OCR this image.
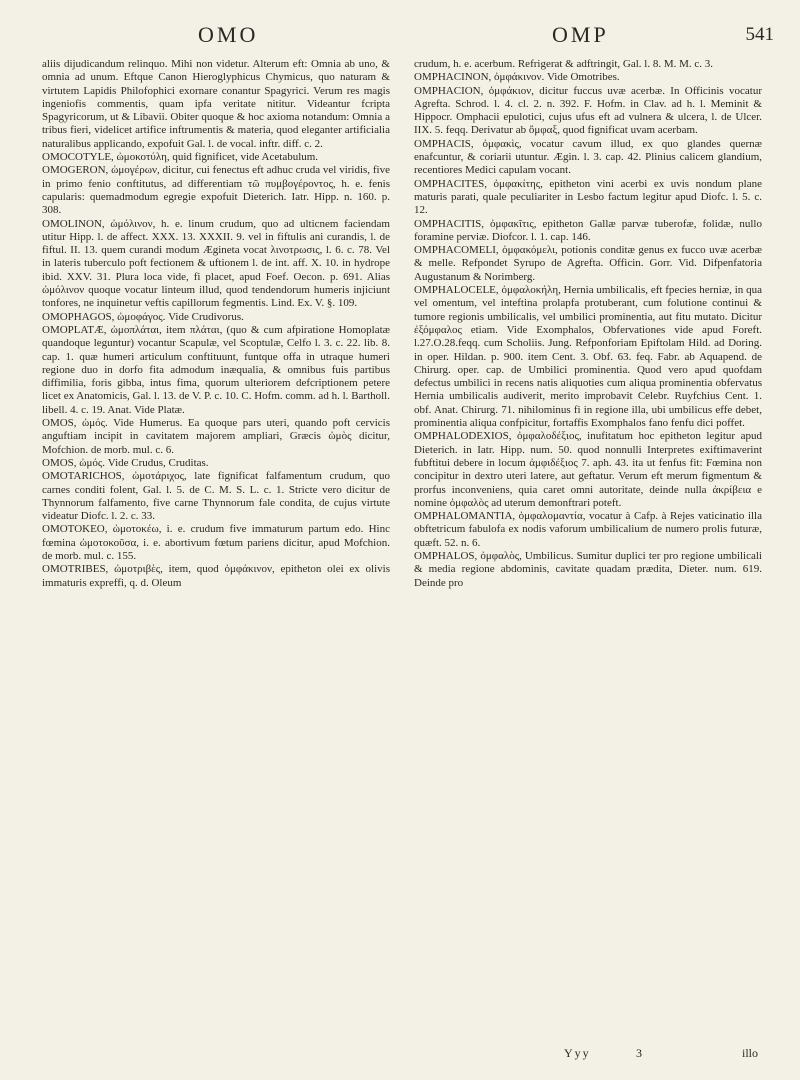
OMO	OMP	541

aliis dijudicandum relinquo. Mihi non videtur. Alterum eft: Omnia ab uno, & omnia ad unum. Eftque Canon Hieroglyphicus Chymicus, quo naturam & virtutem Lapidis Philofophici exornare conantur Spagyrici. Verum res magis ingeniofis commentis, quam ipfa veritate nititur. Videantur fcripta Spagyricorum, ut & Libavii. Obiter quoque & hoc axioma notandum: Omnia a tribus fieri, videlicet artifice inftrumentis & materia, quod eleganter artificialia naturalibus applicando, expofuit Gal. l. de vocal. inftr. diff. c. 2.

OMOCOTYLE, ὠμοκοτύλη, quid fignificet, vide Acetabulum.

OMOGERON, ὠμογέρων, dicitur, cui fenectus eft adhuc cruda vel viridis, five in primo fenio conftitutus, ad differentiam τῶ πυμβογέροντος, h. e. fenis capularis: quemadmodum egregie expofuit Dieterich. Iatr. Hipp. n. 160. p. 308.

OMOLINON, ὠμόλινον, h. e. linum crudum, quo ad ulticnem faciendam utitur Hipp. l. de affect. XXX. 13. XXXII. 9. vel in fiftulis ani curandis, l. de fiftul. II. 13. quem curandi modum Ægineta vocat λινοτρωσις, l. 6. c. 78. Vel in lateris tuberculo poft fectionem & uftionem l. de int. aff. X. 10. in hydrope ibid. XXV. 31. Plura loca vide, fi placet, apud Foef. Oecon. p. 691. Alias ὠμόλινον quoque vocatur linteum illud, quod tendendorum humeris injiciunt tonfores, ne inquinetur veftis capillorum fegmentis. Lind. Ex. V. §. 109.

OMOPHAGOS, ὠμοφάγος. Vide Crudivorus.

OMOPLATÆ, ὠμοπλάται, item πλάται, (quo & cum afpiratione Homoplatæ quandoque leguntur) vocantur Scapulæ, vel Scoptulæ, Celfo l. 3. c. 22. lib. 8. cap. 1. quæ humeri articulum conftituunt, funtque offa in utraque humeri regione duo in dorfo fita admodum inæqualia, & omnibus fuis partibus diffimilia, foris gibba, intus fima, quorum ulteriorem defcriptionem petere licet ex Anatomicis, Gal. l. 13. de V. P. c. 10. C. Hofm. comm. ad h. l. Bartholl. libell. 4. c. 19. Anat. Vide Platæ.

OMOS, ὠμός. Vide Humerus. Ea quoque pars uteri, quando poft cervicis anguftiam incipit in cavitatem majorem ampliari, Græcis ὠμὸς dicitur, Mofchion. de morb. mul. c. 6.

OMOS, ὠμός. Vide Crudus, Cruditas.

OMOTARICHOS, ὠμοτάριχος, late fignificat falfamentum crudum, quo carnes conditi folent, Gal. l. 5. de C. M. S. L. c. 1. Stricte vero dicitur de Thynnorum falfamento, five carne Thynnorum fale condita, de cujus virtute videatur Diofc. l. 2. c. 33.

OMOTOKEO, ὠμοτοκέω, i. e. crudum five immaturum partum edo. Hinc fœmina ὠμοτοκοῦσα, i. e. abortivum fœtum pariens dicitur, apud Mofchion. de morb. mul. c. 155.

OMOTRIBES, ὠμοτριβὲς, item, quod ὀμφάκινον, epitheton olei ex olivis immaturis expreffi, q. d. Oleum

crudum, h. e. acerbum. Refrigerat & adftringit, Gal. l. 8. M. M. c. 3.

OMPHACINON, ὀμφάκινον. Vide Omotribes.

OMPHACION, ὀμφάκιον, dicitur fuccus uvæ acerbæ. In Officinis vocatur Agrefta. Schrod. l. 4. cl. 2. n. 392. F. Hofm. in Clav. ad h. l. Meminit & Hippocr. Omphacii epulotici, cujus ufus eft ad vulnera & ulcera, l. de Ulcer. IIX. 5. feqq. Derivatur ab ὄμφαξ, quod fignificat uvam acerbam.

OMPHACIS, ὀμφακὶς, vocatur cavum illud, ex quo glandes quernæ enafcuntur, & coriarii utuntur. Ægin. l. 3. cap. 42. Plinius calicem glandium, recentiores Medici capulam vocant.

OMPHACITES, ὀμφακίτης, epitheton vini acerbi ex uvis nondum plane maturis parati, quale peculiariter in Lesbo factum legitur apud Diofc. l. 5. c. 12.

OMPHACITIS, ὀμφακῖτις, epitheton Gallæ parvæ tuberofæ, folidæ, nullo foramine perviæ. Diofcor. l. 1. cap. 146.

OMPHACOMELI, ὀμφακόμελι, potionis conditæ genus ex fucco uvæ acerbæ & melle. Refpondet Syrupo de Agrefta. Officin. Gorr. Vid. Difpenfatoria Augustanum & Norimberg.

OMPHALOCELE, ὀμφαλοκήλη, Hernia umbilicalis, eft fpecies herniæ, in qua vel omentum, vel inteftina prolapfa protuberant, cum folutione continui & tumore regionis umbilicalis, vel umbilici prominentia, aut fitu mutato. Dicitur ἐξόμφαλος etiam. Vide Exomphalos, Obfervationes vide apud Foreft. l.27.O.28.feqq. cum Scholiis. Jung. Refponforiam Epiftolam Hild. ad Doring. in oper. Hildan. p. 900. item Cent. 3. Obf. 63. feq. Fabr. ab Aquapend. de Chirurg. oper. cap. de Umbilici prominentia. Quod vero apud quofdam defectus umbilici in recens natis aliquoties cum aliqua prominentia obfervatus Hernia umbilicalis audiverit, merito improbavit Celebr. Ruyfchius Cent. 1. obf. Anat. Chirurg. 71. nihilominus fi in regione illa, ubi umbilicus effe debet, prominentia aliqua confpicitur, fortaffis Exomphalos fano fenfu dici poffet.

OMPHALODEXIOS, ὀμφαλοδέξιος, inufitatum hoc epitheton legitur apud Dieterich. in Iatr. Hipp. num. 50. quod nonnulli Interpretes exiftimaverint fubftitui debere in locum ἀμφιδέξιος 7. aph. 43. ita ut fenfus fit: Fœmina non concipitur in dextro uteri latere, aut geftatur. Verum eft merum figmentum & prorfus inconveniens, quia caret omni autoritate, deinde nulla ἀκρίβεια e nomine ὀμφαλὸς ad uterum demonftrari poteft.

OMPHALOMANTIA, ὀμφαλομαντία, vocatur à Cafp. à Rejes vaticinatio illa obftetricum fabulofa ex nodis vaforum umbilicalium de numero prolis futuræ, quæft. 52. n. 6.

OMPHALOS, ὀμφαλὸς, Umbilicus. Sumitur duplici ter pro regione umbilicali & media regione abdominis, cavitate quadam prædita, Dieter. num. 619. Deinde pro

Yyy	3	illo
